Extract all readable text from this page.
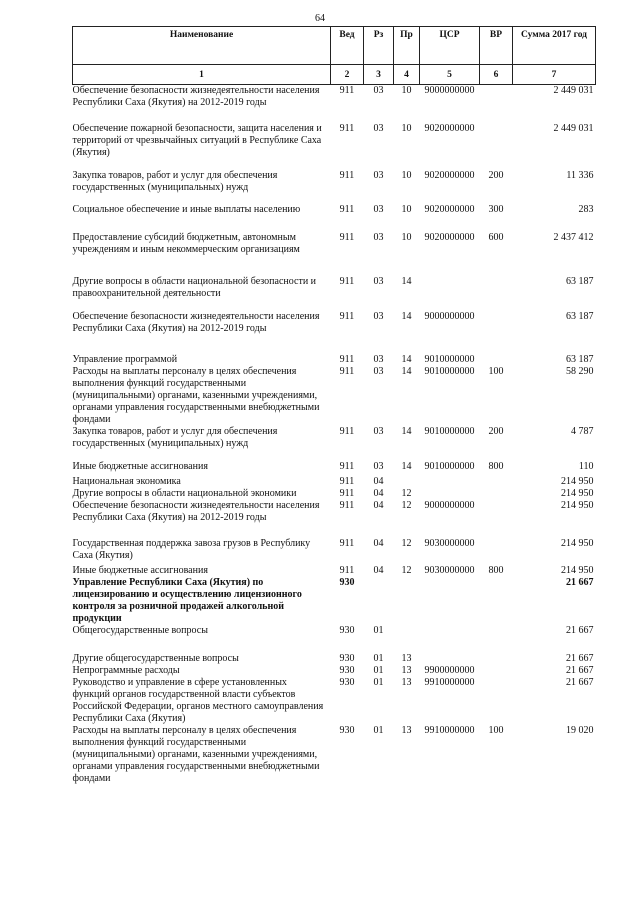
64
Наименование	Вед	Рз	Пр	ЦСР	ВР	Сумма 2017 год
1	2	3	4	5	6	7
Обеспечение безопасности жизнедеятельности населения Республики Саха (Якутия) на 2012-2019 годы	911	03	10	9000000000		2 449 031
Обеспечение пожарной безопасности, защита населения и территорий от чрезвычайных ситуаций в Республике Саха (Якутия)	911	03	10	9020000000		2 449 031
Закупка товаров, работ и услуг для обеспечения государственных (муниципальных) нужд	911	03	10	9020000000	200	11 336
Социальное обеспечение и иные выплаты населению	911	03	10	9020000000	300	283
Предоставление субсидий бюджетным, автономным учреждениям и иным некоммерческим организациям	911	03	10	9020000000	600	2 437 412
Другие вопросы в области национальной безопасности и правоохранительной деятельности	911	03	14			63 187
Обеспечение безопасности жизнедеятельности населения Республики Саха (Якутия) на 2012-2019 годы	911	03	14	9000000000		63 187
Управление программой	911	03	14	9010000000		63 187
Расходы на выплаты персоналу в целях обеспечения выполнения функций государственными (муниципальными) органами, казенными учреждениями, органами управления государственными внебюджетными фондами	911	03	14	9010000000	100	58 290
Закупка товаров, работ и услуг для обеспечения государственных (муниципальных) нужд	911	03	14	9010000000	200	4 787
Иные бюджетные ассигнования	911	03	14	9010000000	800	110
Национальная экономика	911	04				214 950
Другие вопросы в области национальной экономики	911	04	12			214 950
Обеспечение безопасности жизнедеятельности населения Республики Саха (Якутия) на 2012-2019 годы	911	04	12	9000000000		214 950
Государственная поддержка завоза грузов в Республику Саха (Якутия)	911	04	12	9030000000		214 950
Иные бюджетные ассигнования	911	04	12	9030000000	800	214 950
Управление Республики Саха (Якутия) по лицензированию и осуществлению лицензионного контроля за розничной продажей алкогольной продукции	930					21 667
Общегосударственные вопросы	930	01				21 667
Другие общегосударственные вопросы	930	01	13			21 667
Непрограммные расходы	930	01	13	9900000000		21 667
Руководство и управление в сфере установленных функций органов государственной власти субъектов Российской Федерации, органов местного самоуправления Республики Саха (Якутия)	930	01	13	9910000000		21 667
Расходы на выплаты персоналу в целях обеспечения выполнения функций государственными (муниципальными) органами, казенными учреждениями, органами управления государственными внебюджетными фондами	930	01	13	9910000000	100	19 020
